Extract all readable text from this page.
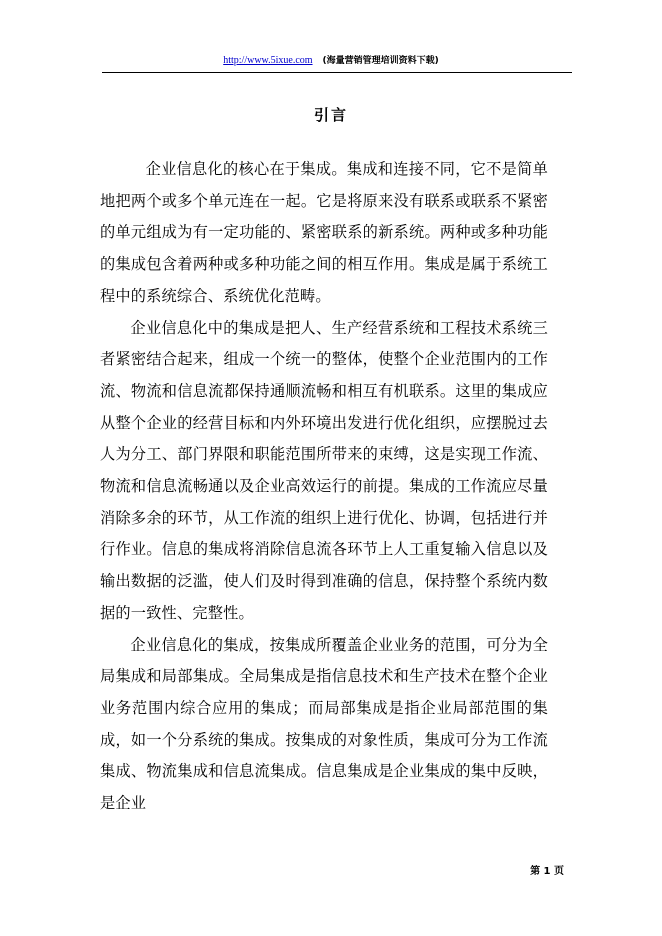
http://www.5ixue.com (海量营销管理培训资料下载)
引言

企业信息化的核心在于集成。集成和连接不同，它不是简单地把两个或多个单元连在一起。它是将原来没有联系或联系不紧密的单元组成为有一定功能的、紧密联系的新系统。两种或多种功能的集成包含着两种或多种功能之间的相互作用。集成是属于系统工程中的系统综合、系统优化范畴。

企业信息化中的集成是把人、生产经营系统和工程技术系统三者紧密结合起来，组成一个统一的整体，使整个企业范围内的工作流、物流和信息流都保持通顺流畅和相互有机联系。这里的集成应从整个企业的经营目标和内外环境出发进行优化组织，应摆脱过去人为分工、部门界限和职能范围所带来的束缚，这是实现工作流、物流和信息流畅通以及企业高效运行的前提。集成的工作流应尽量消除多余的环节，从工作流的组织上进行优化、协调，包括进行并行作业。信息的集成将消除信息流各环节上人工重复输入信息以及输出数据的泛滥，使人们及时得到准确的信息，保持整个系统内数据的一致性、完整性。

企业信息化的集成，按集成所覆盖企业业务的范围，可分为全局集成和局部集成。全局集成是指信息技术和生产技术在整个企业业务范围内综合应用的集成；而局部集成是指企业局部范围的集成，如一个分系统的集成。按集成的对象性质，集成可分为工作流集成、物流集成和信息流集成。信息集成是企业集成的集中反映，是企业

第 1 页
